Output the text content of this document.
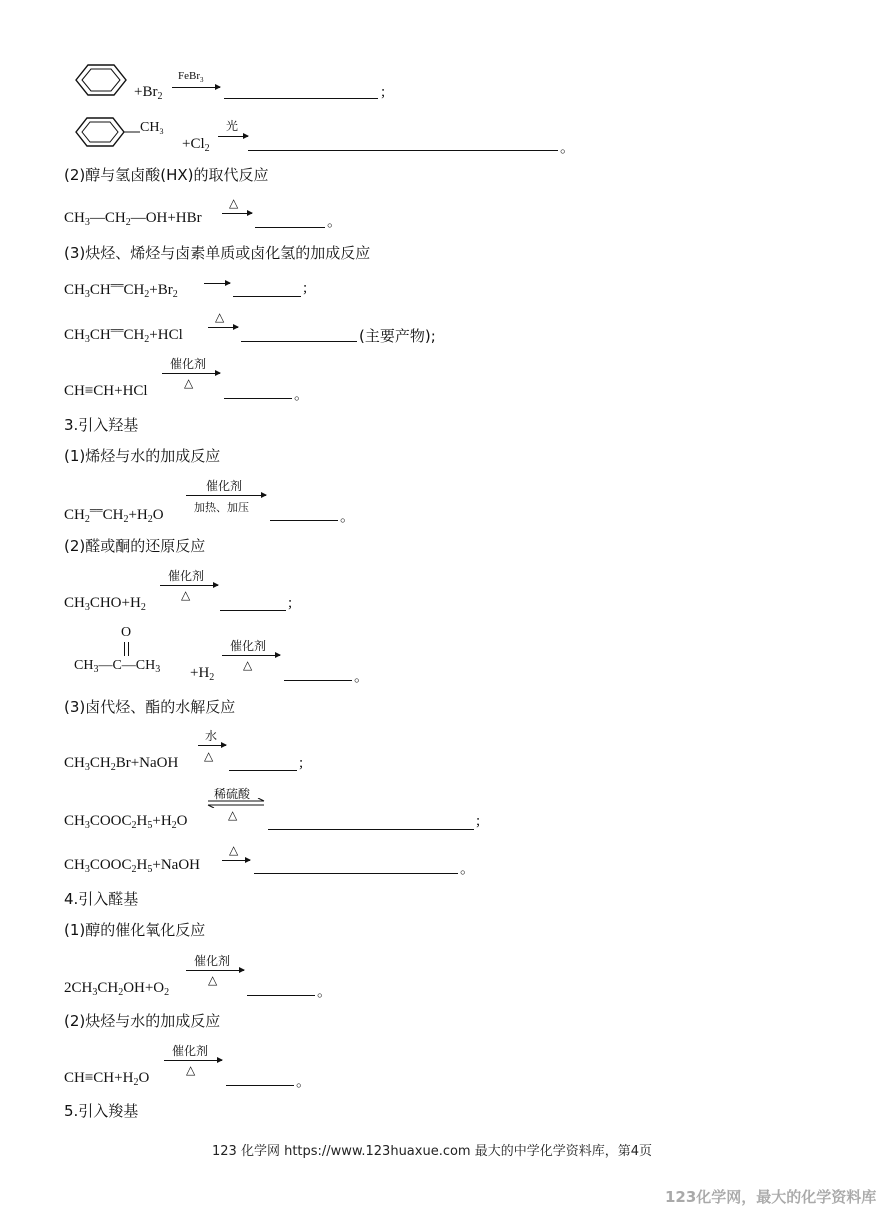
$+Br_2$
FeBr$_3$
;
$CH_3$
$+Cl_2$
光
。
(2)醇与氢卤酸(HX)的取代反应
$CH_3—CH_2—OH+HBr$
△
。
(3)炔烃、烯烃与卤素单质或卤化氢的加成反应
$CH_3CH^{══}CH_2+Br_2$	;
$CH_3CH^{══}CH_2+HCl$
△
(主要产物);
CH≡CH+HCl
催化剂
△
。
3.引入羟基
(1)烯烃与水的加成反应
$CH_2^{══}CH_2+H_2O$
催化剂
加热、加压
。
(2)醛或酮的还原反应
$CH_3CHO+H_2$
催化剂
△	;
O
$CH_3—C—CH_3 +H_2$
催化剂
△
。
(3)卤代烃、酯的水解反应
$CH_3CH_2Br+NaOH$
水
△	;
$CH_3COOC_2H_5+H_2O$
稀硫酸
△	;
$CH_3COOC_2H_5+NaOH$
△
。
4.引入醛基
(1)醇的催化氧化反应
$2CH_3CH_2OH+O_2$
催化剂
△
。
(2)炔烃与水的加成反应
$CH\equiv CH+H_2O$
催化剂
△
。
5.引入羧基
123 化学网 https://www.123huaxue.com 最大的中学化学资料库，第4页
123化学网，最大的化学资料库
